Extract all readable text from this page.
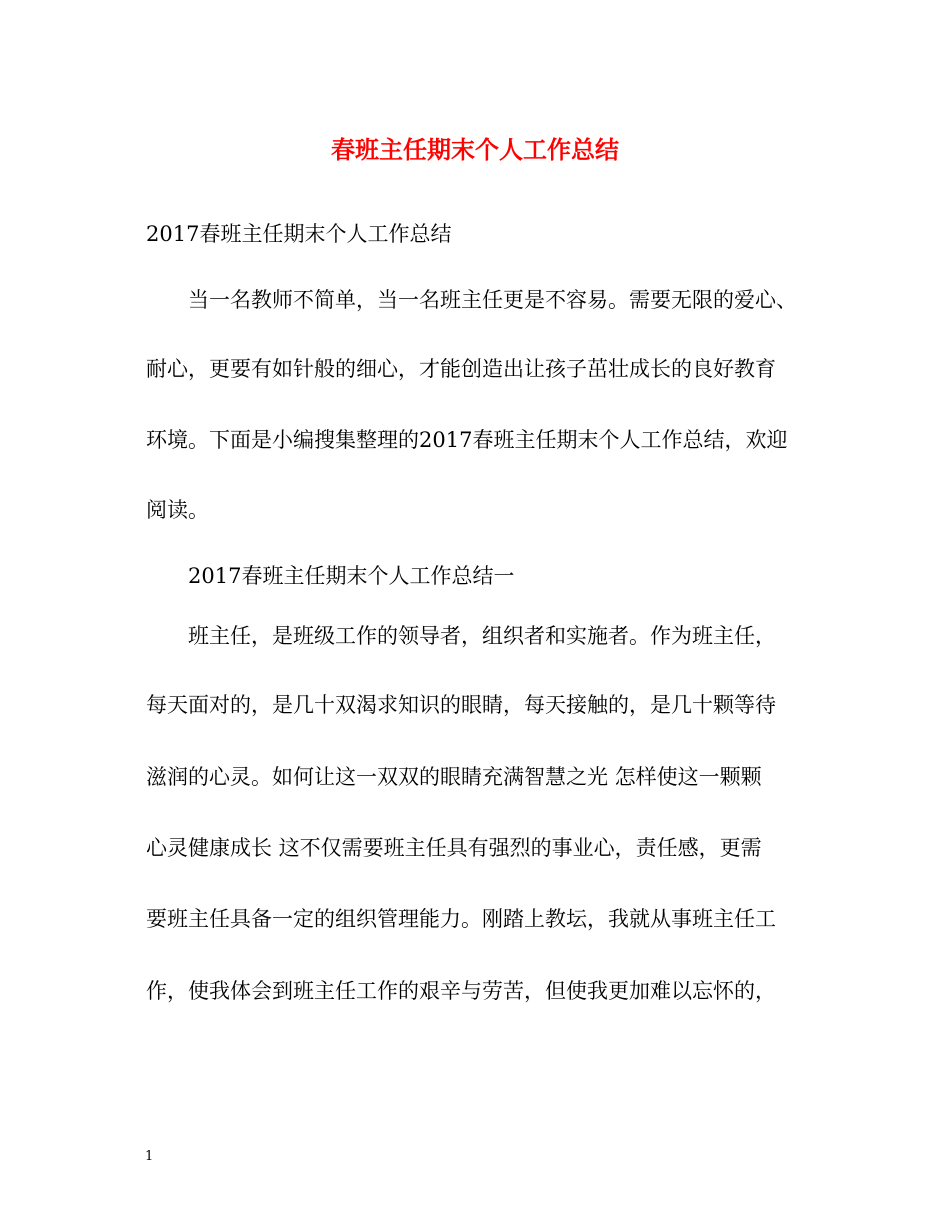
春班主任期末个人工作总结
2017春班主任期末个人工作总结
当一名教师不简单，当一名班主任更是不容易。需要无限的爱心、
耐心，更要有如针般的细心，才能创造出让孩子茁壮成长的良好教育
环境。下面是小编搜集整理的2017春班主任期末个人工作总结，欢迎
阅读。
2017春班主任期末个人工作总结一
班主任，是班级工作的领导者，组织者和实施者。作为班主任，
每天面对的，是几十双渴求知识的眼睛，每天接触的，是几十颗等待
滋润的心灵。如何让这一双双的眼睛充满智慧之光 怎样使这一颗颗
心灵健康成长 这不仅需要班主任具有强烈的事业心，责任感，更需
要班主任具备一定的组织管理能力。刚踏上教坛，我就从事班主任工
作，使我体会到班主任工作的艰辛与劳苦，但使我更加难以忘怀的，
1
